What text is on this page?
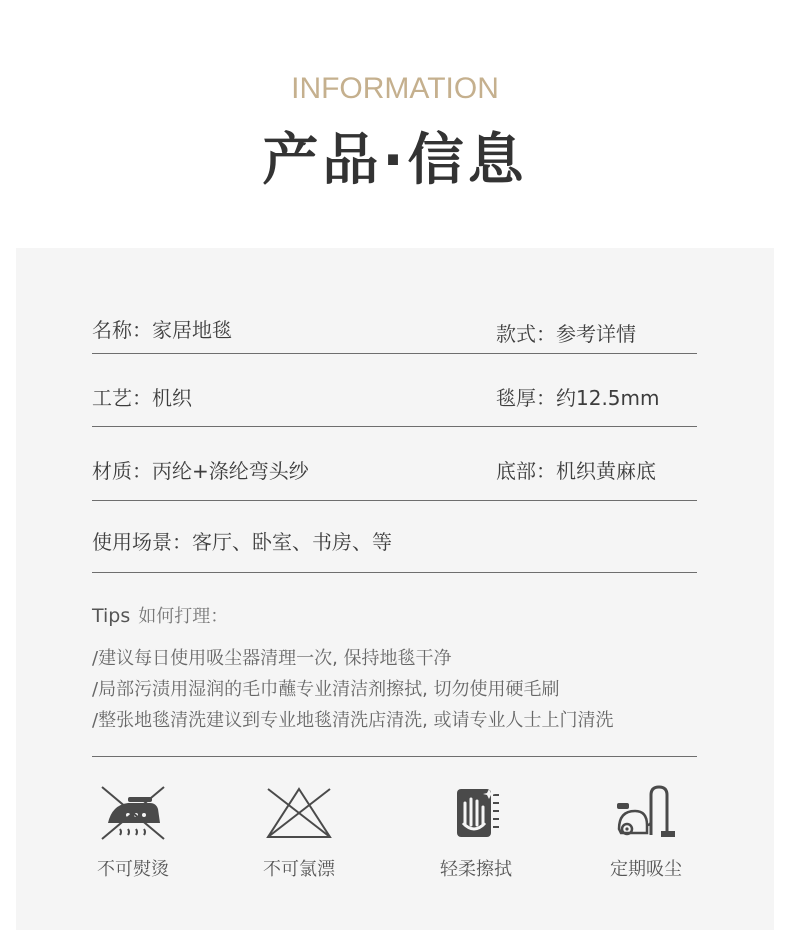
INFORMATION
产品·信息
名称：家居地毯	款式：参考详情
工艺：机织	毯厚：约12.5mm
材质：丙纶+涤纶弯头纱	底部：机织黄麻底
使用场景：客厅、卧室、书房、等
Tips 如何打理：
/建议每日使用吸尘器清理一次, 保持地毯干净
/局部污渍用湿润的毛巾蘸专业清洁剂擦拭, 切勿使用硬毛刷
/整张地毯清洗建议到专业地毯清洗店清洗, 或请专业人士上门清洗
不可熨烫	不可氯漂	轻柔擦拭	定期吸尘
